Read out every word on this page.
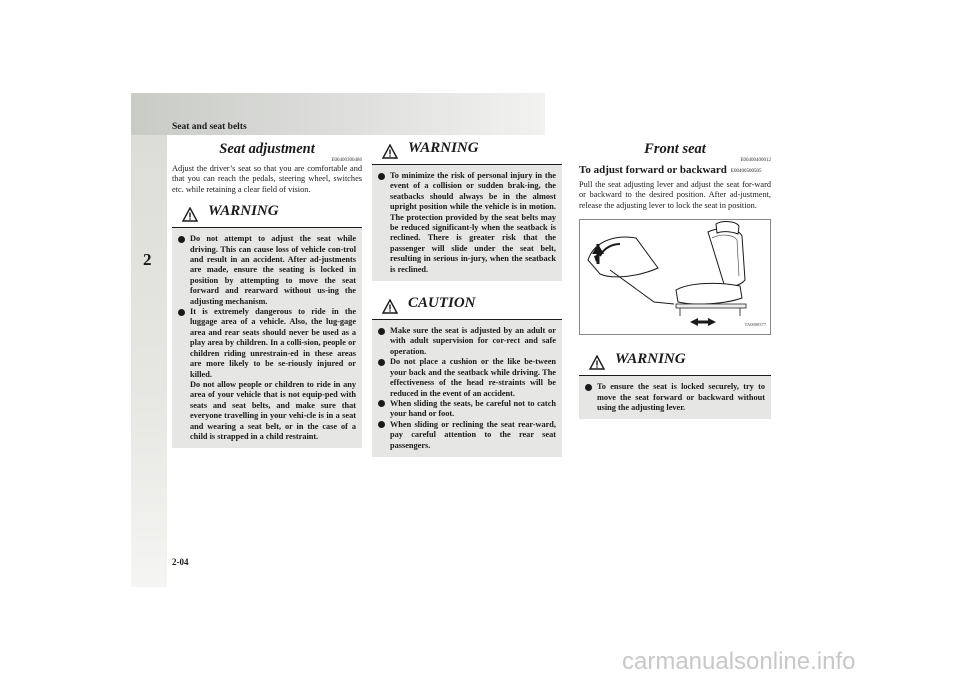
Seat and seat belts
2
Seat adjustment
E00400300486

Adjust the driver’s seat so that you are comfortable and that you can reach the pedals, steering wheel, switches etc. while retaining a clear field of vision.

WARNING
Do not attempt to adjust the seat while driving. This can cause loss of vehicle con-trol and result in an accident. After ad-justments are made, ensure the seating is locked in position by attempting to move the seat forward and rearward without us-ing the adjusting mechanism.
It is extremely dangerous to ride in the luggage area of a vehicle. Also, the lug-gage area and rear seats should never be used as a play area by children. In a colli-sion, people or children riding unrestrain-ed in these areas are more likely to be se-riously injured or killed.
Do not allow people or children to ride in any area of your vehicle that is not equip-ped with seats and seat belts, and make sure that everyone travelling in your vehi-cle is in a seat and wearing a seat belt, or in the case of a child is strapped in a child restraint.
WARNING
To minimize the risk of personal injury in the event of a collision or sudden brak-ing, the seatbacks should always be in the almost upright position while the vehicle is in motion. The protection provided by the seat belts may be reduced significant-ly when the seatback is reclined. There is greater risk that the passenger will slide under the seat belt, resulting in serious in-jury, when the seatback is reclined.
CAUTION
Make sure the seat is adjusted by an adult or with adult supervision for cor-rect and safe operation.
Do not place a cushion or the like be-tween your back and the seatback while driving. The effectiveness of the head re-straints will be reduced in the event of an accident.
When sliding the seats, be careful not to catch your hand or foot.
When sliding or reclining the seat rear-ward, pay careful attention to the rear seat passengers.
Front seat
E00400400012
To adjust forward or backward E00400500505

Pull the seat adjusting lever and adjust the seat for-ward or backward to the desired position. After ad-justment, release the adjusting lever to lock the seat in position.

TA0008377
WARNING
To ensure the seat is locked securely, try to move the seat forward or backward without using the adjusting lever.
2-04
carmanualsonline.info
